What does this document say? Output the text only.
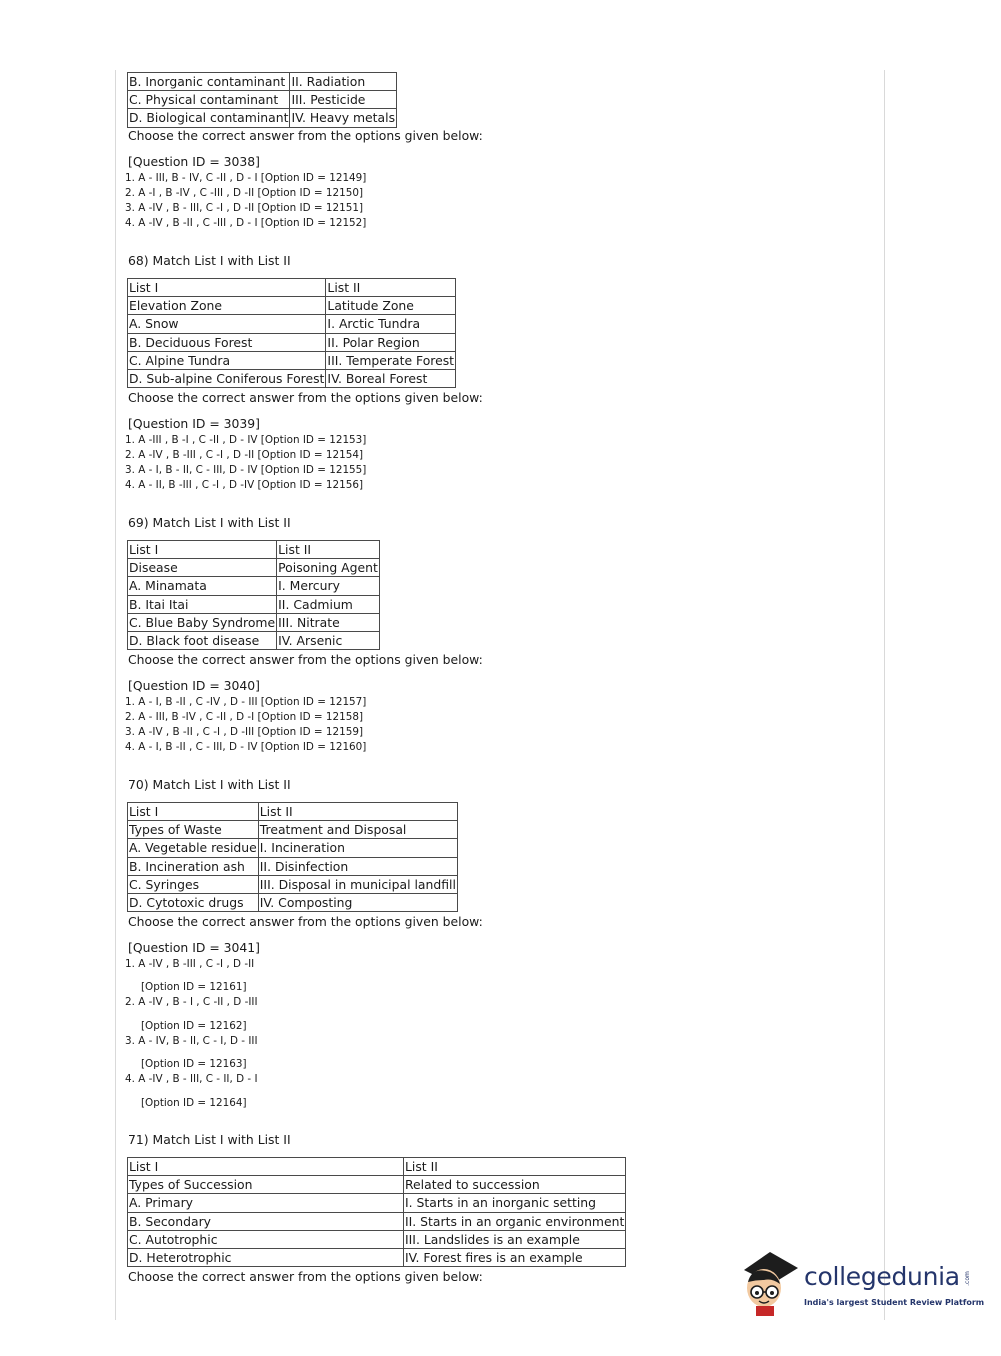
B. Inorganic contaminant	II. Radiation
C. Physical contaminant	III. Pesticide
D. Biological contaminant	IV. Heavy metals
Choose the correct answer from the options given below:
[Question ID = 3038]
1. A - III, B - IV, C -II , D - I [Option ID = 12149]
2. A -I , B -IV , C -III , D -II [Option ID = 12150]
3. A -IV , B - III, C -I , D -II [Option ID = 12151]
4. A -IV , B -II , C -III , D - I [Option ID = 12152]
68) Match List I with List II
List I	List II
Elevation Zone	Latitude Zone
A. Snow	I. Arctic Tundra
B. Deciduous Forest	II. Polar Region
C. Alpine Tundra	III. Temperate Forest
D. Sub-alpine Coniferous Forest	IV. Boreal Forest
Choose the correct answer from the options given below:
[Question ID = 3039]
1. A -III , B -I , C -II , D - IV [Option ID = 12153]
2. A -IV , B -III , C -I , D -II [Option ID = 12154]
3. A - I, B - II, C - III, D - IV [Option ID = 12155]
4. A - II, B -III , C -I , D -IV [Option ID = 12156]
69) Match List I with List II
List I	List II
Disease	Poisoning Agent
A. Minamata	I. Mercury
B. Itai Itai	II. Cadmium
C. Blue Baby Syndrome	III. Nitrate
D. Black foot disease	IV. Arsenic
Choose the correct answer from the options given below:
[Question ID = 3040]
1. A - I, B -II , C -IV , D - III [Option ID = 12157]
2. A - III, B -IV , C -II , D -I [Option ID = 12158]
3. A -IV , B -II , C -I , D -III [Option ID = 12159]
4. A - I, B -II , C - III, D - IV [Option ID = 12160]
70) Match List I with List II
List I	List II
Types of Waste	Treatment and Disposal
A. Vegetable residue	I. Incineration
B. Incineration ash	II. Disinfection
C. Syringes	III. Disposal in municipal landfill
D. Cytotoxic drugs	IV. Composting
Choose the correct answer from the options given below:
[Question ID = 3041]
1. A -IV , B -III , C -I , D -II
[Option ID = 12161]
2. A -IV , B - I , C -II , D -III
[Option ID = 12162]
3. A - IV, B - II, C - I, D - III
[Option ID = 12163]
4. A -IV , B - III, C - II, D - I
[Option ID = 12164]
71) Match List I with List II
List I	List II
Types of Succession	Related to succession
A. Primary	I. Starts in an inorganic setting
B. Secondary	II. Starts in an organic environment
C. Autotrophic	III. Landslides is an example
D. Heterotrophic	IV. Forest fires is an example
Choose the correct answer from the options given below:	collegedunia .com
India's largest Student Review Platform
